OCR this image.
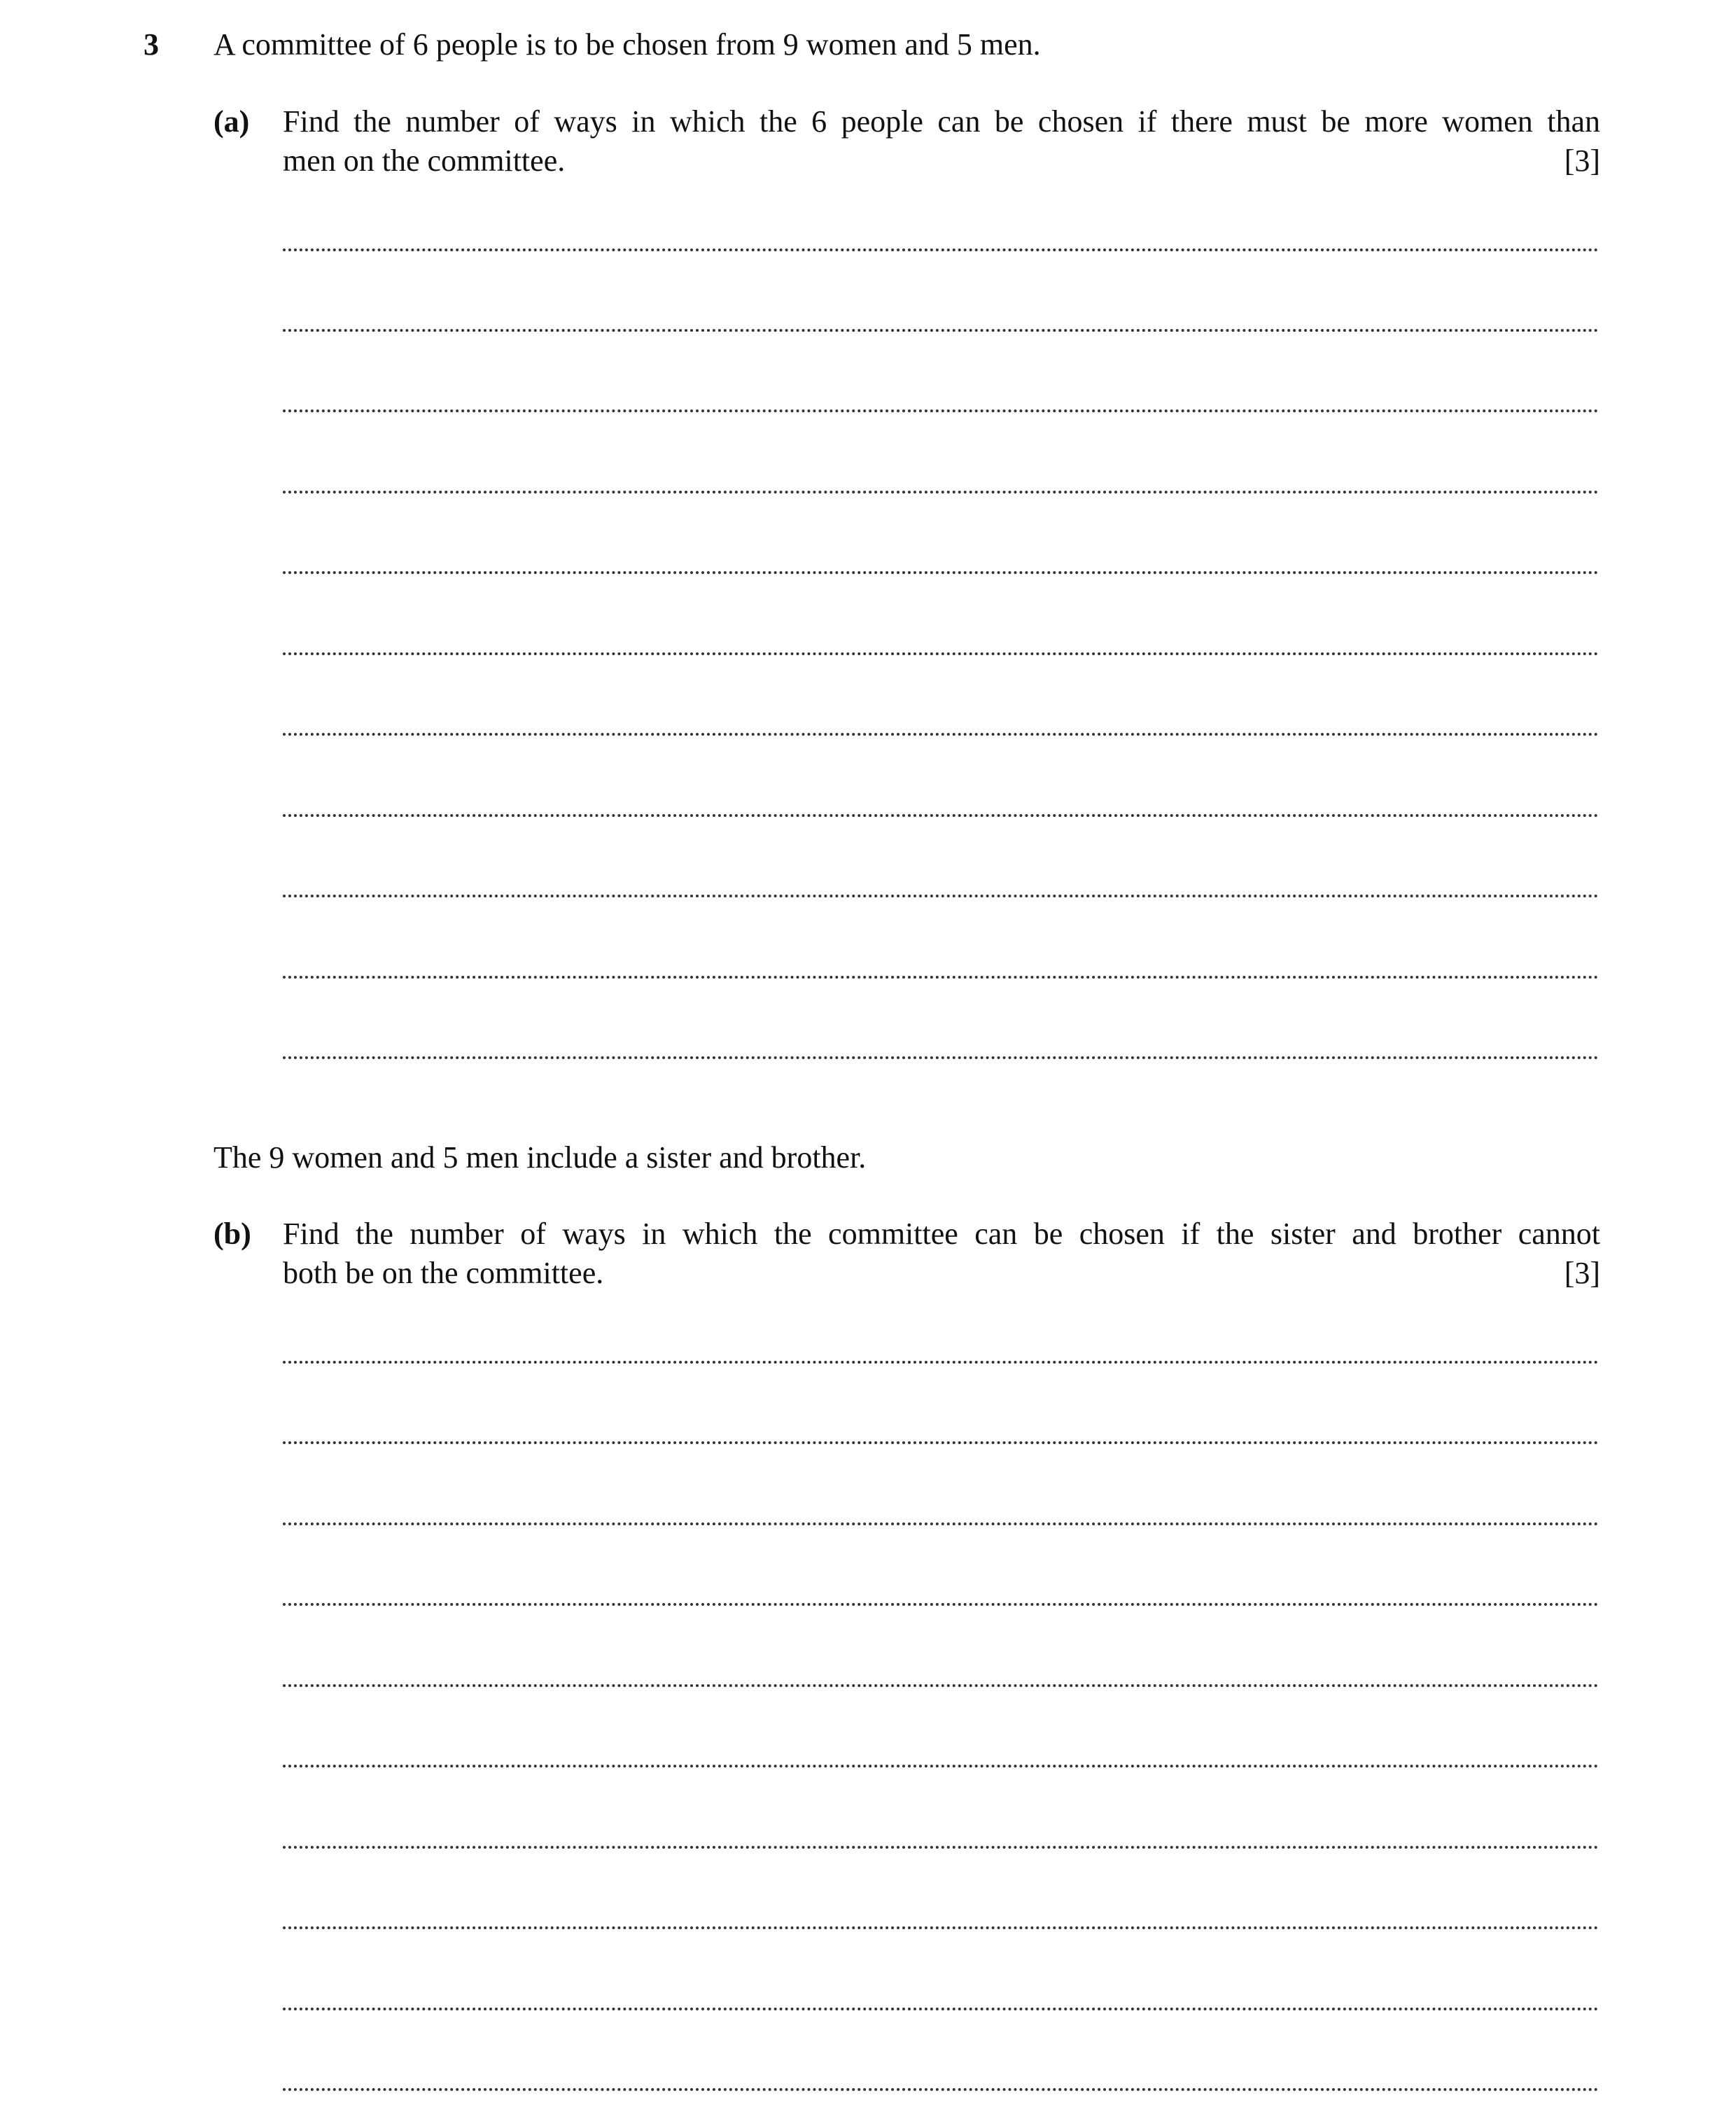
3 A committee of 6 people is to be chosen from 9 women and 5 men.
(a) Find the number of ways in which the 6 people can be chosen if there must be more women than
men on the committee.	[3]
The 9 women and 5 men include a sister and brother.
(b) Find the number of ways in which the committee can be chosen if the sister and brother cannot
both be on the committee.	[3]
